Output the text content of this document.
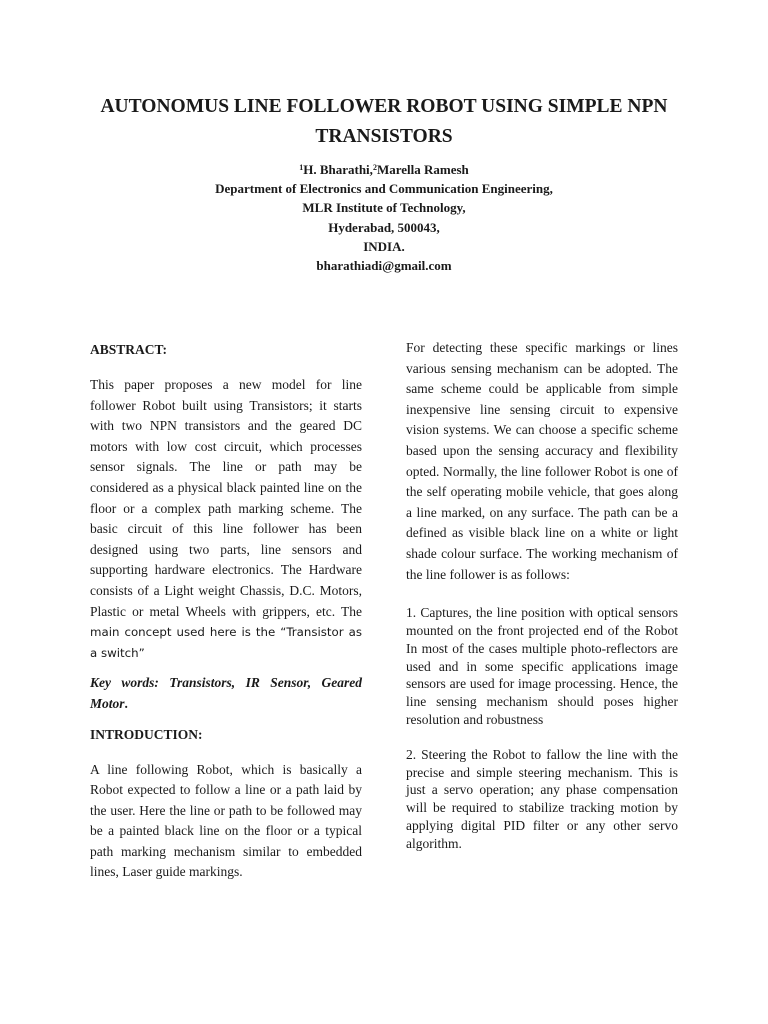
AUTONOMUS LINE FOLLOWER ROBOT USING SIMPLE NPN
TRANSISTORS
$^1$H. Bharathi,$^2$Marella Ramesh
Department of Electronics and Communication Engineering,
MLR Institute of Technology,
Hyderabad, 500043,
INDIA.
bharathiadi@gmail.com

ABSTRACT:

This paper proposes a new model for line follower Robot built using Transistors; it starts with two NPN transistors and the geared DC motors with low cost circuit, which processes sensor signals. The line or path may be considered as a physical black painted line on the floor or a complex path marking scheme. The basic circuit of this line follower has been designed using two parts, line sensors and supporting hardware electronics. The Hardware consists of a Light weight Chassis, D.C. Motors, Plastic or metal Wheels with grippers, etc. The main concept used here is the “Transistor as a switch”

Key words: Transistors, IR Sensor, Geared Motor.

INTRODUCTION:

A line following Robot, which is basically a Robot expected to follow a line or a path laid by the user. Here the line or path to be followed may be a painted black line on the floor or a typical path marking mechanism similar to embedded lines, Laser guide markings.

For detecting these specific markings or lines various sensing mechanism can be adopted. The same scheme could be applicable from simple inexpensive line sensing circuit to expensive vision systems. We can choose a specific scheme based upon the sensing accuracy and flexibility opted. Normally, the line follower Robot is one of the self operating mobile vehicle, that goes along a line marked, on any surface. The path can be a defined as visible black line on a white or light shade colour surface. The working mechanism of the line follower is as follows:

1. Captures, the line position with optical sensors mounted on the front projected end of the Robot In most of the cases multiple photo-reflectors are used and in some specific applications image sensors are used for image processing. Hence, the line sensing mechanism should poses higher resolution and robustness

2. Steering the Robot to fallow the line with the precise and simple steering mechanism. This is just a servo operation; any phase compensation will be required to stabilize tracking motion by applying digital PID filter or any other servo algorithm.
